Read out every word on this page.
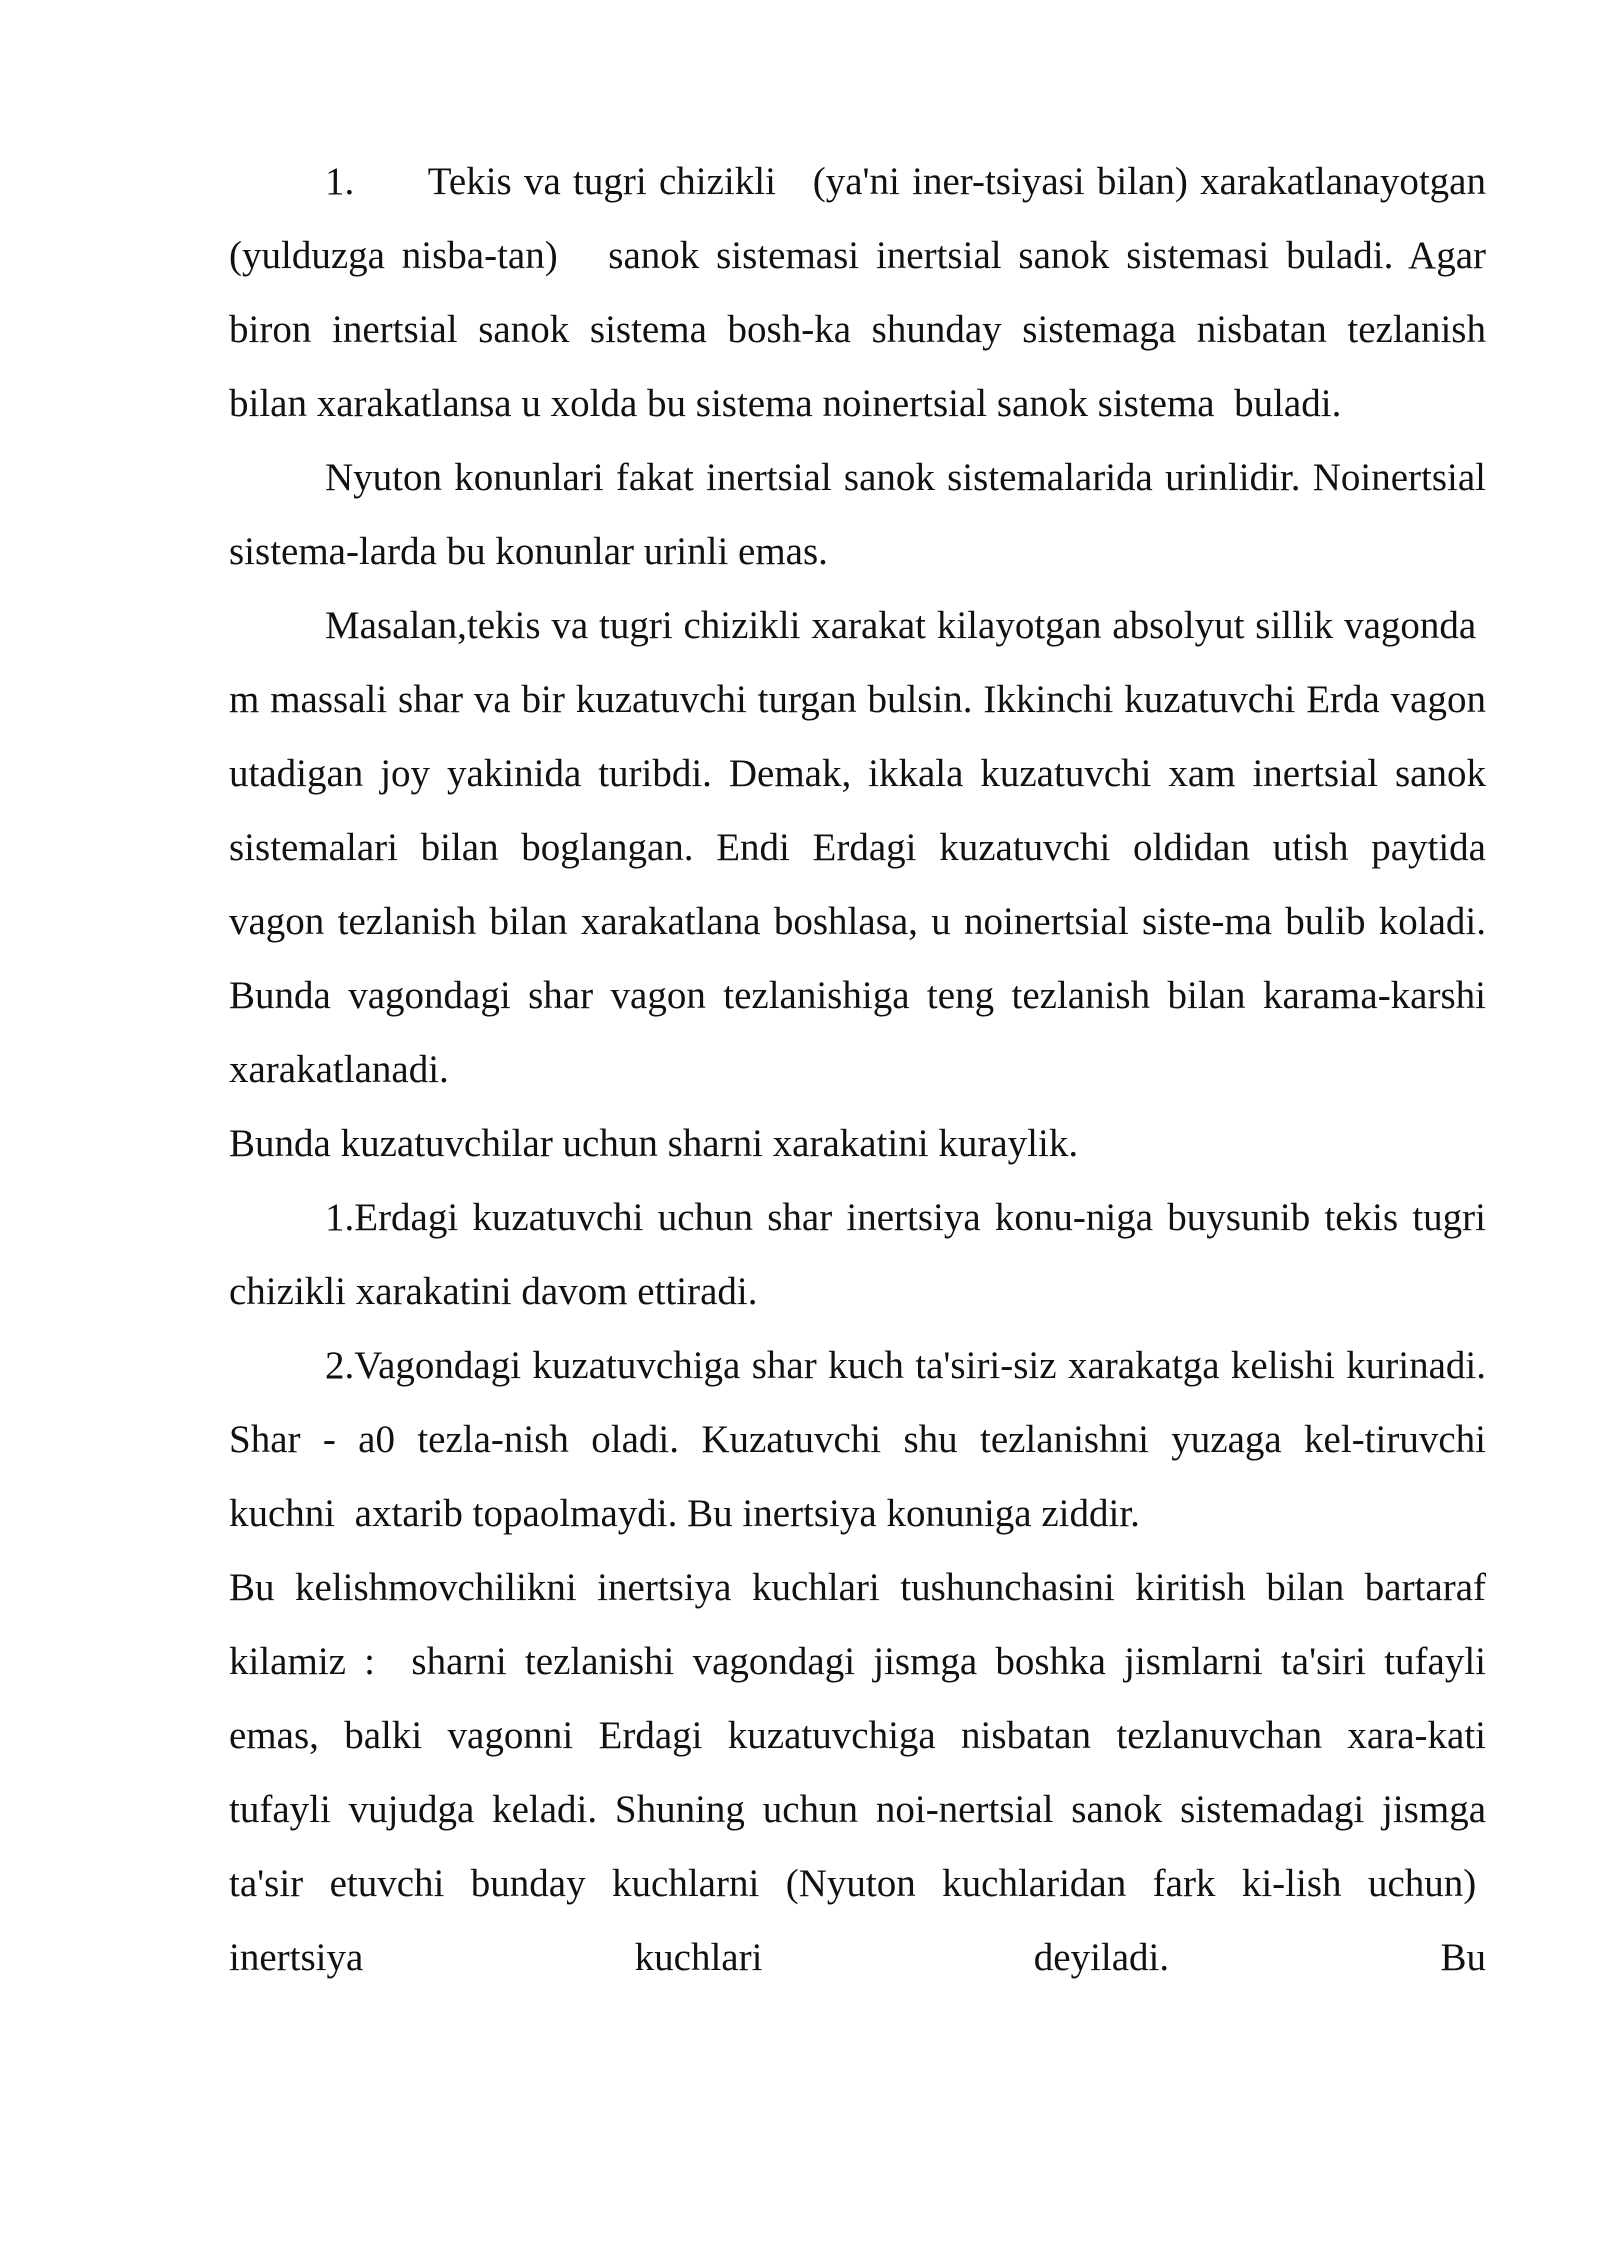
1.      Tekis va tugri chizikli   (ya'ni iner-tsiyasi bilan) xarakatlanayotgan (yulduzga nisba-tan)   sanok sistemasi inertsial sanok sistemasi buladi. Agar biron inertsial sanok sistema bosh-ka shunday sistemaga nisbatan tezlanish bilan xarakatlansa u xolda bu sistema noinertsial sanok sistema  buladi.

Nyuton konunlari fakat inertsial sanok sistemalarida urinlidir. Noinertsial sistema-larda bu konunlar urinli emas.

Masalan,tekis va tugri chizikli xarakat kilayotgan absolyut sillik vagonda  m massali shar va bir kuzatuvchi turgan bulsin. Ikkinchi kuzatuvchi Erda vagon utadigan joy yakinida turibdi. Demak, ikkala kuzatuvchi xam inertsial sanok sistemalari bilan boglangan. Endi Erdagi kuzatuvchi oldidan utish paytida vagon tezlanish bilan xarakatlana boshlasa, u noinertsial siste-ma bulib koladi. Bunda vagondagi shar vagon tezlanishiga teng tezlanish bilan karama-karshi xarakatlanadi.

Bunda kuzatuvchilar uchun sharni xarakatini kuraylik.

1.Erdagi kuzatuvchi uchun shar inertsiya konu-niga buysunib tekis tugri chizikli xarakatini davom ettiradi.

2.Vagondagi kuzatuvchiga shar kuch ta'siri-siz xarakatga kelishi kurinadi. Shar - a0 tezla-nish oladi. Kuzatuvchi shu tezlanishni yuzaga kel-tiruvchi kuchni  axtarib topaolmaydi. Bu inertsiya konuniga ziddir.

Bu kelishmovchilikni inertsiya kuchlari tushunchasini kiritish bilan bartaraf kilamiz :  sharni tezlanishi vagondagi jismga boshka jismlarni ta'siri tufayli emas, balki vagonni Erdagi kuzatuvchiga nisbatan tezlanuvchan xara-kati tufayli vujudga keladi. Shuning uchun noi-nertsial sanok sistemadagi jismga ta'sir etuvchi bunday kuchlarni (Nyuton kuchlaridan fark ki-lish uchun)  inertsiya kuchlari deyiladi. Bu
